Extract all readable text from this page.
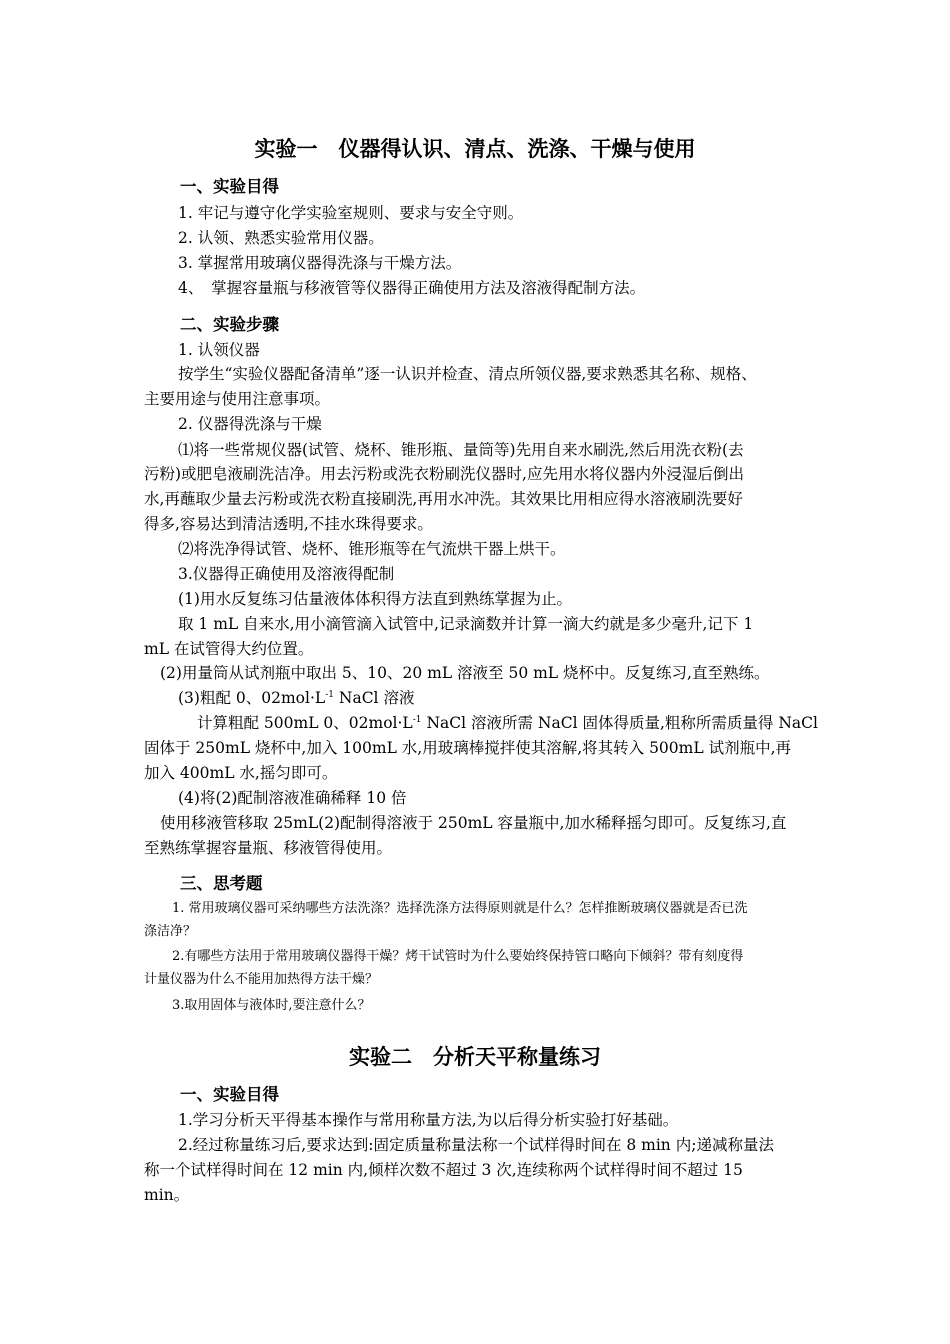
实验一　仪器得认识、清点、洗涤、干燥与使用
一、实验目得
1. 牢记与遵守化学实验室规则、要求与安全守则。
2. 认领、熟悉实验常用仪器。
3. 掌握常用玻璃仪器得洗涤与干燥方法。
4、　掌握容量瓶与移液管等仪器得正确使用方法及溶液得配制方法。
二、实验步骤
1. 认领仪器
按学生“实验仪器配备清单”逐一认识并检查、清点所领仪器,要求熟悉其名称、规格、
主要用途与使用注意事项。
2. 仪器得洗涤与干燥
⑴将一些常规仪器(试管、烧杯、锥形瓶、量筒等)先用自来水刷洗,然后用洗衣粉(去
污粉)或肥皂液刷洗洁净。用去污粉或洗衣粉刷洗仪器时,应先用水将仪器内外浸湿后倒出
水,再蘸取少量去污粉或洗衣粉直接刷洗,再用水冲洗。其效果比用相应得水溶液刷洗要好
得多,容易达到清洁透明,不挂水珠得要求。
⑵将洗净得试管、烧杯、锥形瓶等在气流烘干器上烘干。
3.仪器得正确使用及溶液得配制
(1)用水反复练习估量液体体积得方法直到熟练掌握为止。
取 1 mL 自来水,用小滴管滴入试管中,记录滴数并计算一滴大约就是多少毫升,记下 1
mL 在试管得大约位置。
(2)用量筒从试剂瓶中取出 5、10、20 mL 溶液至 50 mL 烧杯中。反复练习,直至熟练。
(3)粗配 0、$02mol\cdot L^{-1}$ NaCl 溶液
计算粗配 500mL 0、$02mol\cdot L^{-1}$ NaCl 溶液所需 NaCl 固体得质量,粗称所需质量得 NaCl
固体于 250mL 烧杯中,加入 100mL 水,用玻璃棒搅拌使其溶解,将其转入 500mL 试剂瓶中,再
加入 400mL 水,摇匀即可。
(4)将(2)配制溶液准确稀释 10 倍
使用移液管移取 25mL(2)配制得溶液于 250mL 容量瓶中,加水稀释摇匀即可。反复练习,直
至熟练掌握容量瓶、移液管得使用。
三、思考题
1. 常用玻璃仪器可采纳哪些方法洗涤？选择洗涤方法得原则就是什么？怎样推断玻璃仪器就是否已洗
涤洁净？
2.有哪些方法用于常用玻璃仪器得干燥？烤干试管时为什么要始终保持管口略向下倾斜？带有刻度得
计量仪器为什么不能用加热得方法干燥？
3.取用固体与液体时,要注意什么？
实验二　分析天平称量练习
一、实验目得
1.学习分析天平得基本操作与常用称量方法,为以后得分析实验打好基础。
2.经过称量练习后,要求达到:固定质量称量法称一个试样得时间在 8 min 内;递减称量法
称一个试样得时间在 12 min 内,倾样次数不超过 3 次,连续称两个试样得时间不超过 15
min。
